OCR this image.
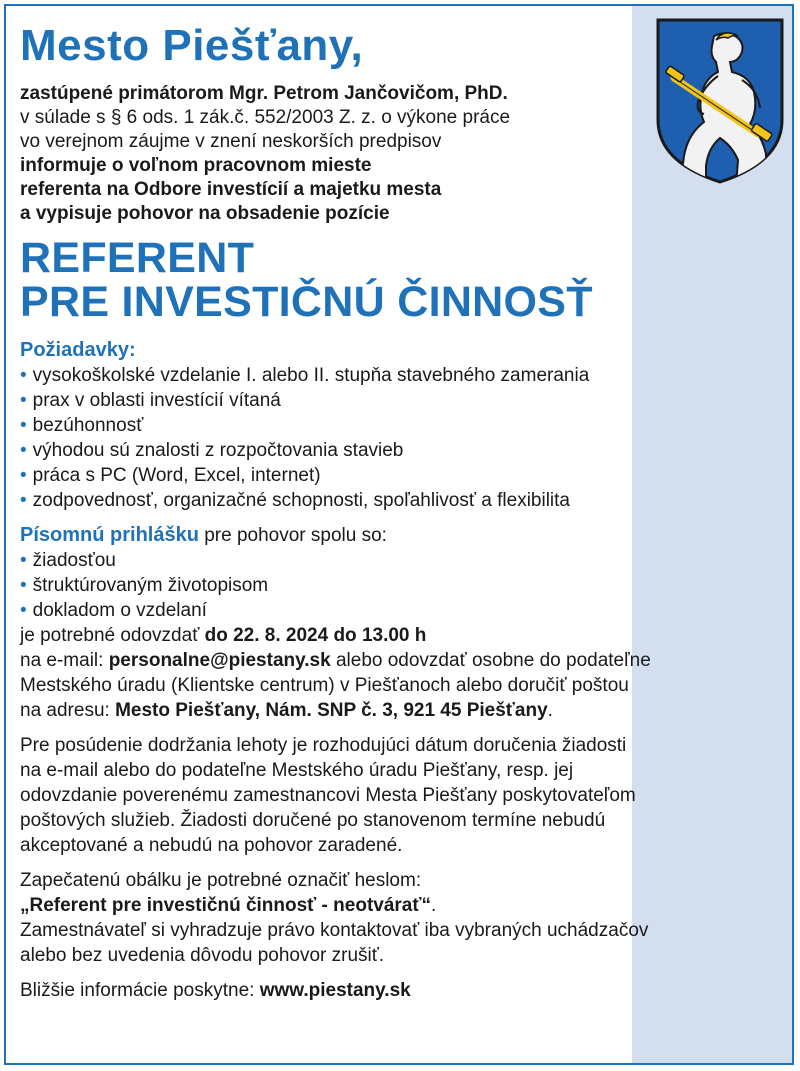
Mesto Piešťany,
zastúpené primátorom Mgr. Petrom Jančovičom, PhD.
v súlade s § 6 ods. 1 zák.č. 552/2003 Z. z. o výkone práce
vo verejnom záujme v znení neskorších predpisov
informuje o voľnom pracovnom mieste
referenta na Odbore investícií a majetku mesta
a vypisuje pohovor na obsadenie pozície
REFERENT
PRE INVESTIČNÚ ČINNOSŤ
Požiadavky:
• vysokoškolské vzdelanie I. alebo II. stupňa stavebného zamerania
• prax v oblasti investícií vítaná
• bezúhonnosť
• výhodou sú znalosti z rozpočtovania stavieb
• práca s PC (Word, Excel, internet)
• zodpovednosť, organizačné schopnosti, spoľahlivosť a flexibilita
Písomnú prihlášku pre pohovor spolu so:
• žiadosťou
• štruktúrovaným životopisom
• dokladom o vzdelaní
je potrebné odovzdať do 22. 8. 2024 do 13.00 h
na e-mail: personalne@piestany.sk alebo odovzdať osobne do podateľne
Mestského úradu (Klientske centrum) v Piešťanoch alebo doručiť poštou
na adresu: Mesto Piešťany, Nám. SNP č. 3, 921 45 Piešťany.
Pre posúdenie dodržania lehoty je rozhodujúci dátum doručenia žiadosti
na e-mail alebo do podateľne Mestského úradu Piešťany, resp. jej
odovzdanie poverenému zamestnancovi Mesta Piešťany poskytovateľom
poštových služieb. Žiadosti doručené po stanovenom termíne nebudú
akceptované a nebudú na pohovor zaradené.
Zapečatenú obálku je potrebné označiť heslom:
„Referent pre investičnú činnosť - neotvárať“.
Zamestnávateľ si vyhradzuje právo kontaktovať iba vybraných uchádzačov
alebo bez uvedenia dôvodu pohovor zrušiť.
Bližšie informácie poskytne: www.piestany.sk
